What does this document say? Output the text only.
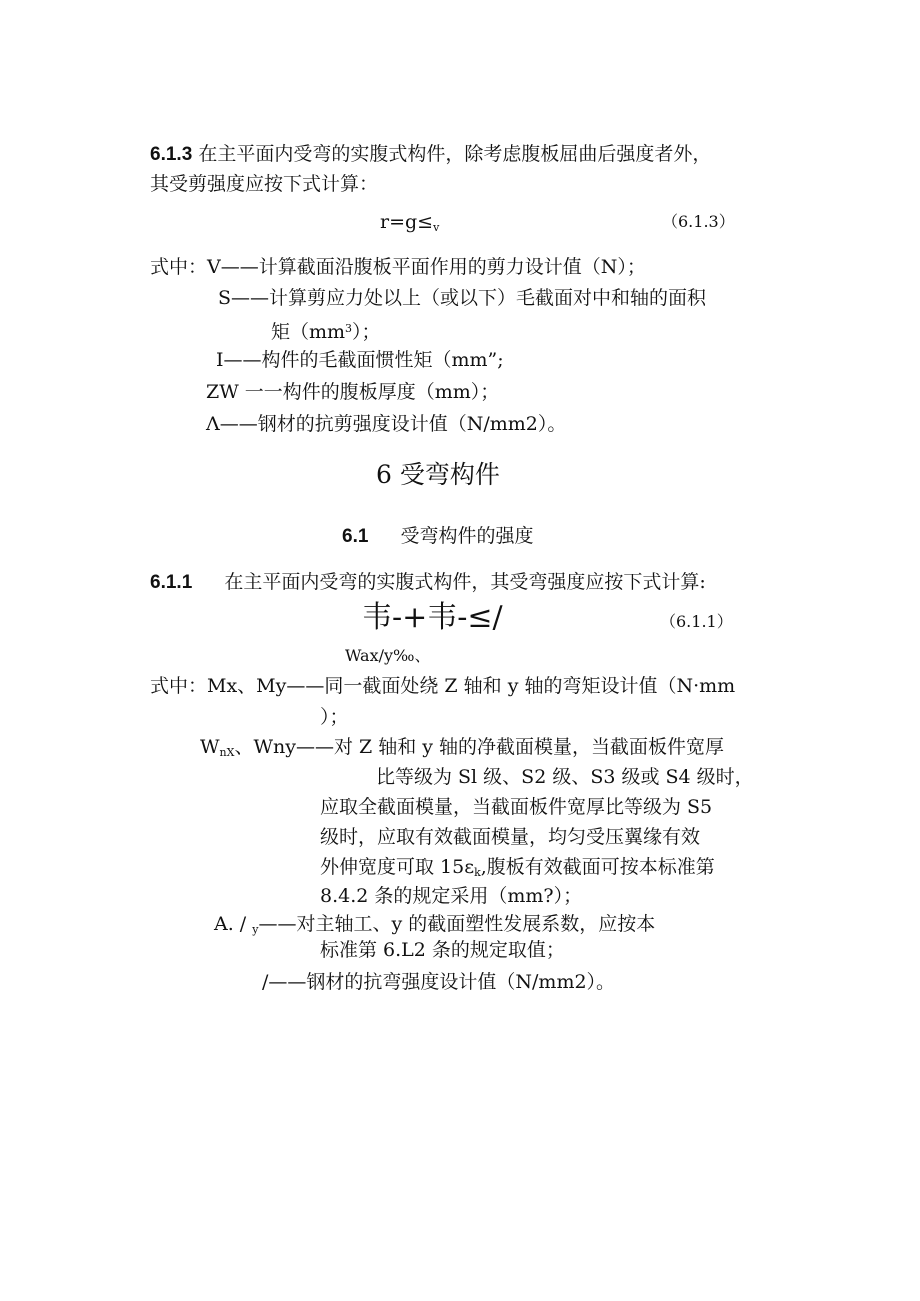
6.1.3 在主平面内受弯的实腹式构件，除考虑腹板屈曲后强度者外，
其受剪强度应按下式计算：
$r=g\le_v$	（6.1.3）
式中：V——计算截面沿腹板平面作用的剪力设计值（N）；
S——计算剪应力处以上（或以下）毛截面对中和轴的面积
矩$(mm^3)$；
I——构件的毛截面惯性矩（mm”;
ZW 一一构件的腹板厚度（mm）；
Λ——钢材的抗剪强度设计值（N/mm2）。
6 受弯构件
6.1 受弯构件的强度
6.1.1 在主平面内受弯的实腹式构件，其受弯强度应按下式计算:
韦-+韦-≤/	（6.1.1）
Wax∕y‰、
式中：Mx、My——同一截面处绕 Z 轴和 y 轴的弯矩设计值（N·mm
）；
$W_{nX}$、Wny——对 Z 轴和 y 轴的净截面模量，当截面板件宽厚
比等级为 Sl 级、S2 级、S3 级或 S4 级时，
应取全截面模量，当截面板件宽厚比等级为 S5
级时，应取有效截面模量，均匀受压翼缘有效
外伸宽度可取 $15\varepsilon_k$,腹板有效截面可按本标准第
8.4.2 条的规定采用（mm?）；
A. / $_y$——对主轴工、y 的截面塑性发展系数，应按本
标准第 6.L2 条的规定取值；
/——钢材的抗弯强度设计值（N∕mm2）。
